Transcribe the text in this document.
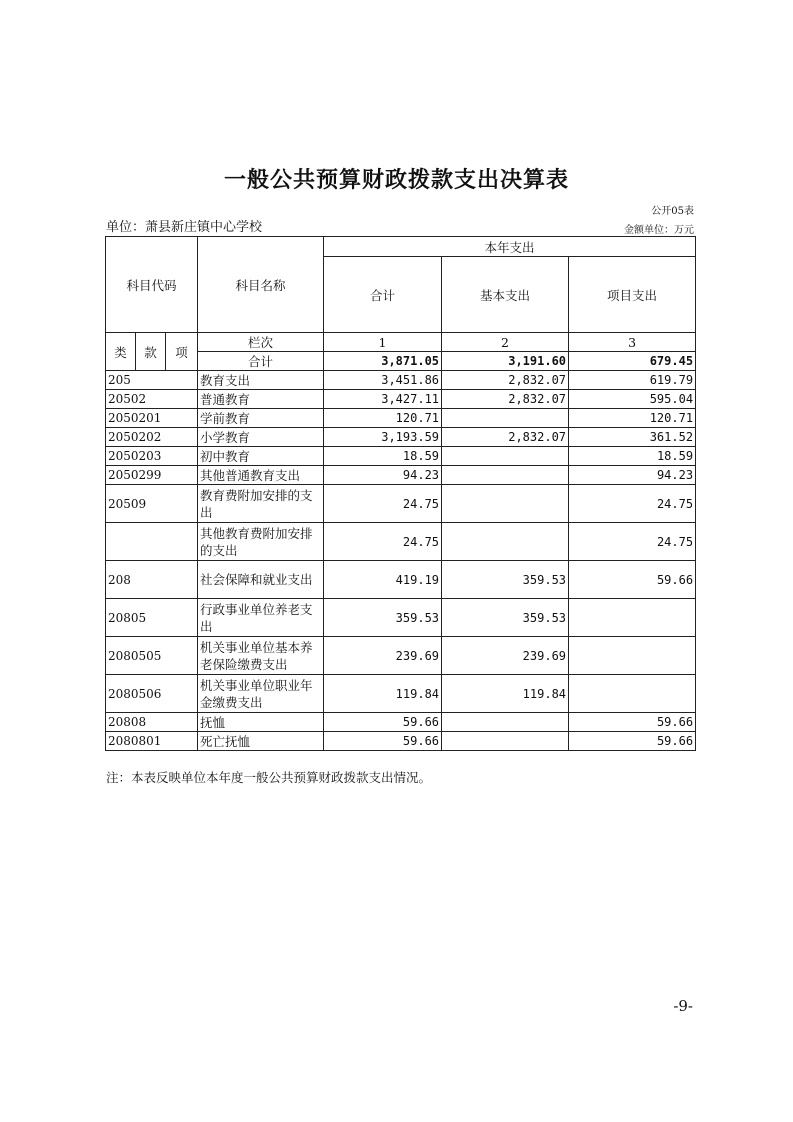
一般公共预算财政拨款支出决算表
公开05表
单位：萧县新庄镇中心学校	金额单位：万元
科目代码			科目名称	本年支出		
				合计	基本支出	项目支出
类	款	项	栏次	1	2	3
			合计	3,871.05	3,191.60	679.45
205			教育支出	3,451.86	2,832.07	619.79
20502			普通教育	3,427.11	2,832.07	595.04
2050201			学前教育	120.71		120.71
2050202			小学教育	3,193.59	2,832.07	361.52
2050203			初中教育	18.59		18.59
2050299			其他普通教育支出	94.23		94.23
20509			教育费附加安排的支出	24.75		24.75
			其他教育费附加安排的支出	24.75		24.75
208			社会保障和就业支出	419.19	359.53	59.66
20805			行政事业单位养老支出	359.53	359.53	
2080505			机关事业单位基本养老保险缴费支出	239.69	239.69	
2080506			机关事业单位职业年金缴费支出	119.84	119.84	
20808			抚恤	59.66		59.66
2080801			死亡抚恤	59.66		59.66
注：本表反映单位本年度一般公共预算财政拨款支出情况。
-9-
